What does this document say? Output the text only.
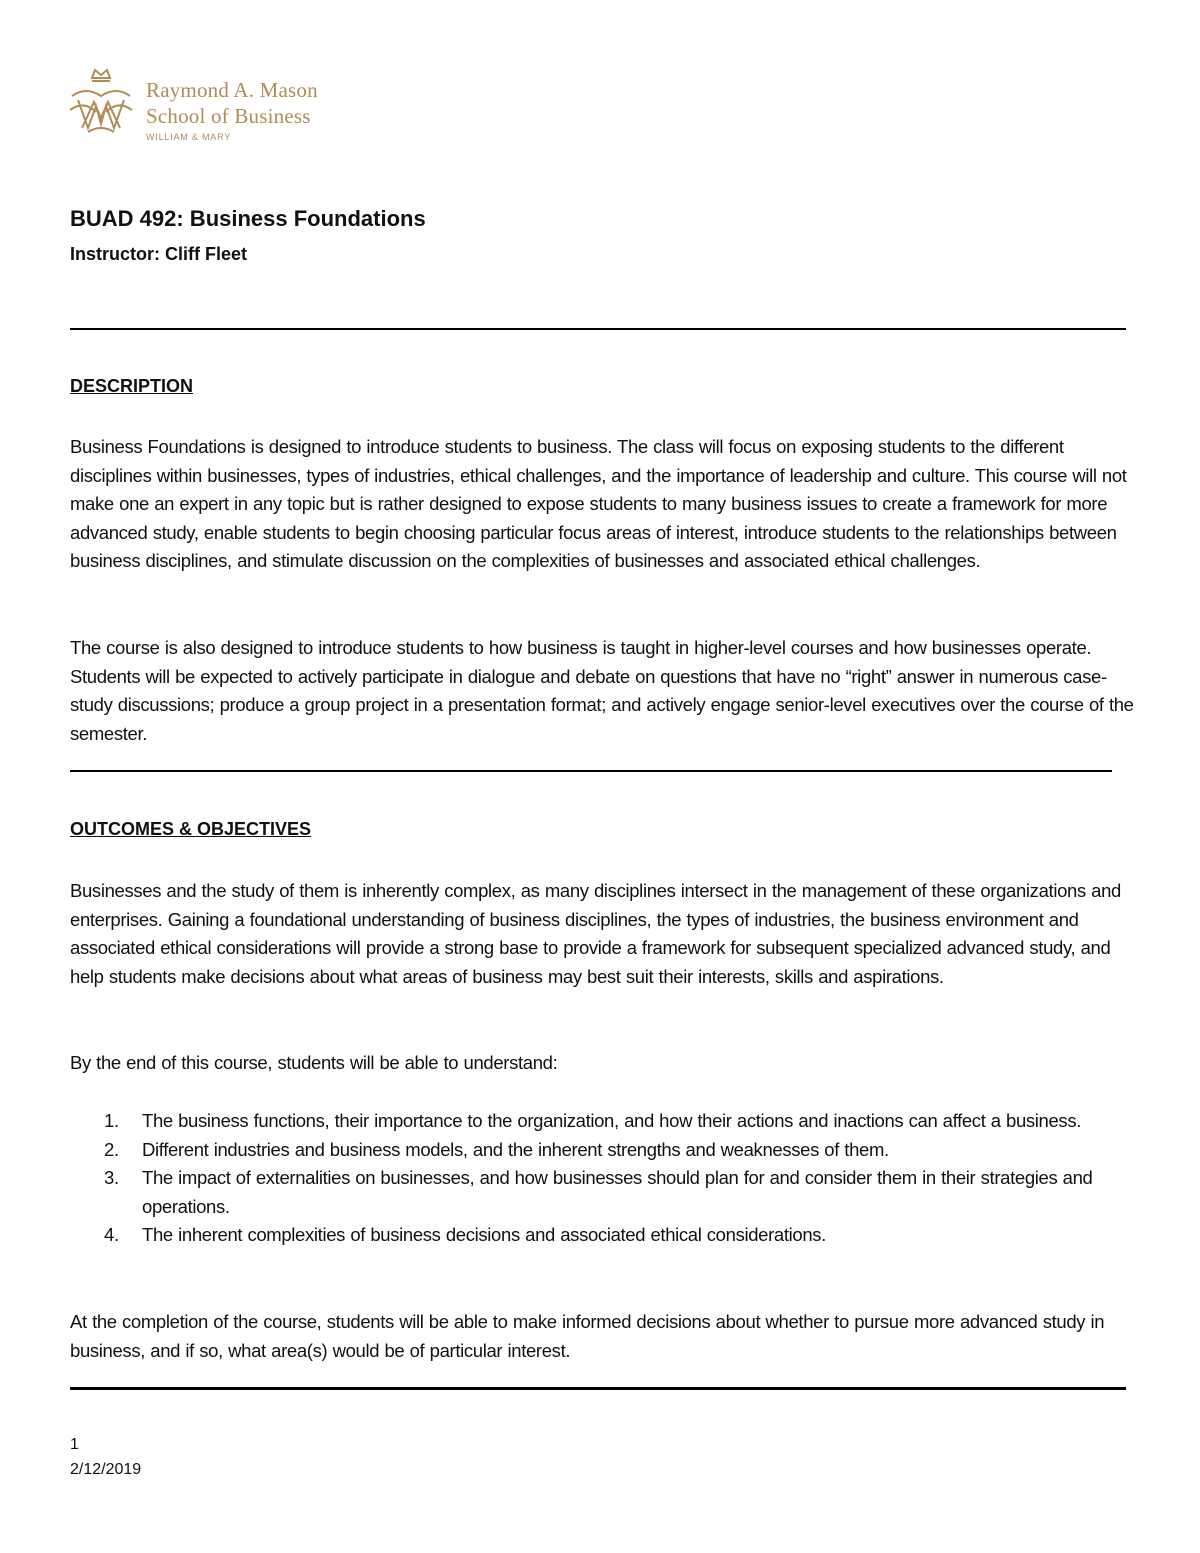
Raymond A. Mason
School of Business
WILLIAM & MARY
BUAD 492: Business Foundations
Instructor: Cliff Fleet
DESCRIPTION

Business Foundations is designed to introduce students to business. The class will focus on exposing students to the different disciplines within businesses, types of industries, ethical challenges, and the importance of leadership and culture. This course will not make one an expert in any topic but is rather designed to expose students to many business issues to create a framework for more advanced study, enable students to begin choosing particular focus areas of interest, introduce students to the relationships between business disciplines, and stimulate discussion on the complexities of businesses and associated ethical challenges.

The course is also designed to introduce students to how business is taught in higher-level courses and how businesses operate. Students will be expected to actively participate in dialogue and debate on questions that have no “right” answer in numerous case-study discussions; produce a group project in a presentation format; and actively engage senior-level executives over the course of the semester.

OUTCOMES & OBJECTIVES

Businesses and the study of them is inherently complex, as many disciplines intersect in the management of these organizations and enterprises. Gaining a foundational understanding of business disciplines, the types of industries, the business environment and associated ethical considerations will provide a strong base to provide a framework for subsequent specialized advanced study, and help students make decisions about what areas of business may best suit their interests, skills and aspirations.

By the end of this course, students will be able to understand:

1. The business functions, their importance to the organization, and how their actions and inactions can affect a business.
2. Different industries and business models, and the inherent strengths and weaknesses of them.
3. The impact of externalities on businesses, and how businesses should plan for and consider them in their strategies and operations.
4. The inherent complexities of business decisions and associated ethical considerations.

At the completion of the course, students will be able to make informed decisions about whether to pursue more advanced study in business, and if so, what area(s) would be of particular interest.

1
2/12/2019
